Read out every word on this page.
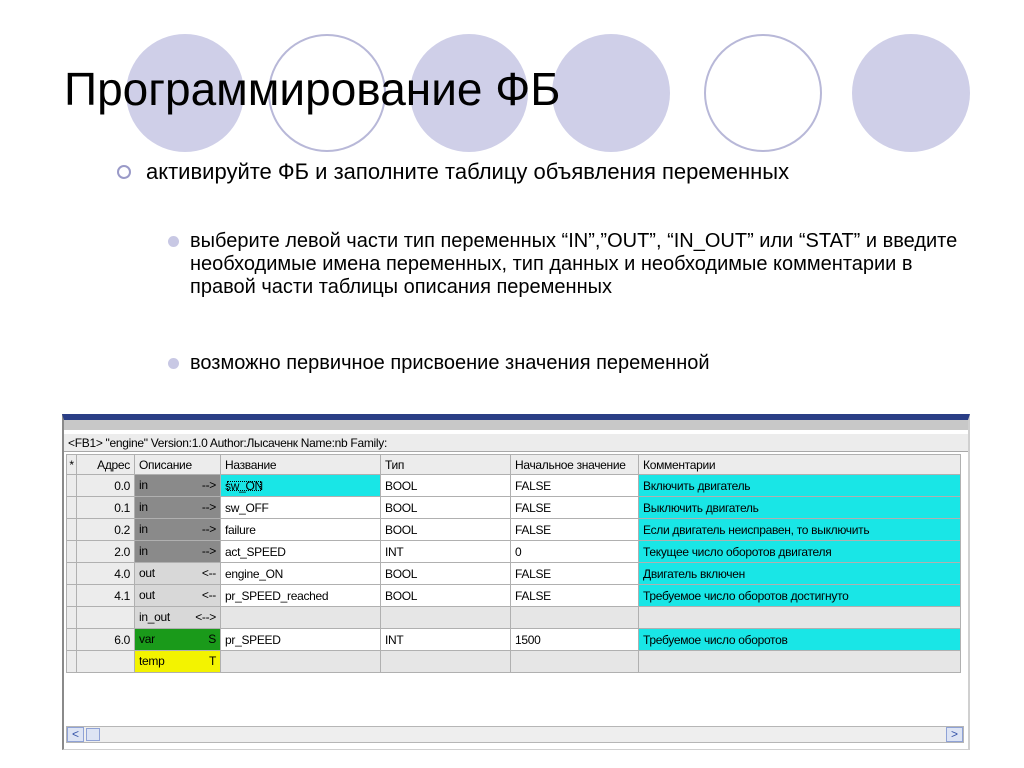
Программирование ФБ
активируйте ФБ и заполните таблицу объявления переменных
выберите левой части тип переменных “IN”,”OUT”, “IN_OUT” или “STAT” и введите необходимые имена переменных, тип данных и необходимые комментарии в правой части таблицы описания переменных
возможно первичное присвоение значения переменной
<FB1> "engine" Version:1.0 Author:Лысаченк Name:nb Family:
*	Адрес	Описание	Название	Тип	Начальное значение	Комментарии
	0.0	in -->	sw_ON	BOOL	FALSE	Включить двигатель
	0.1	in -->	sw_OFF	BOOL	FALSE	Выключить двигатель
	0.2	in -->	failure	BOOL	FALSE	Если двигатель неисправен, то выключить
	2.0	in -->	act_SPEED	INT	0	Текущее число оборотов двигателя
	4.0	out <--	engine_ON	BOOL	FALSE	Двигатель включен
	4.1	out <--	pr_SPEED_reached	BOOL	FALSE	Требуемое число оборотов достигнуто

		in_out <-->				

	6.0	var S	pr_SPEED	INT	1500	Требуемое число оборотов

		temp T				

<	>
